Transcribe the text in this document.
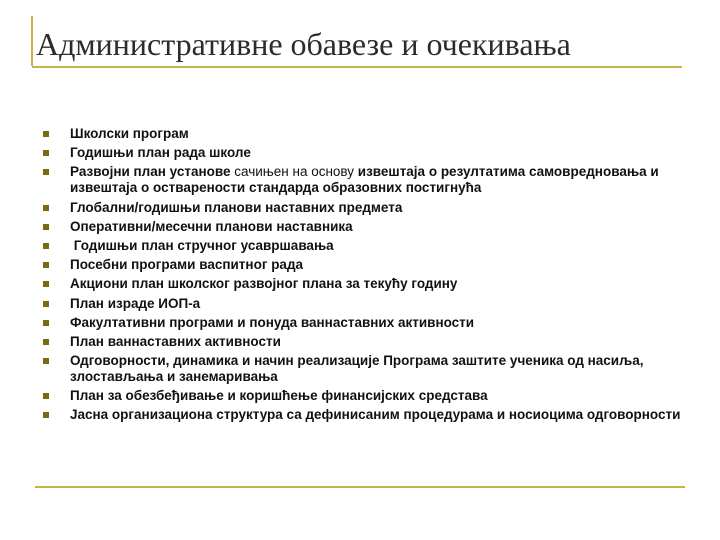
Административне обавезе и очекивања
Школски програм
Годишњи план рада школе
Развојни план установе сачињен на основу извештаја о резултатима самовредновања и извештаја о остварености стандарда образовних постигнућа
Глобални/годишњи планови наставних предмета
Оперативни/месечни планови наставника
Годишњи план стручног усавршавања
Посебни програми васпитног рада
Акциони план школског развојног плана за текућу годину
План израде ИОП-а
Факултативни програми и понуда ваннаставних активности
План ваннаставних активности
Одговорности, динамика и начин реализације Програма заштите ученика од насиља, злостављања и занемаривања
План за обезбеђивање и коришћење финансијских средстава
Јасна организациона структура са дефинисаним процедурама и носиоцима одговорности
